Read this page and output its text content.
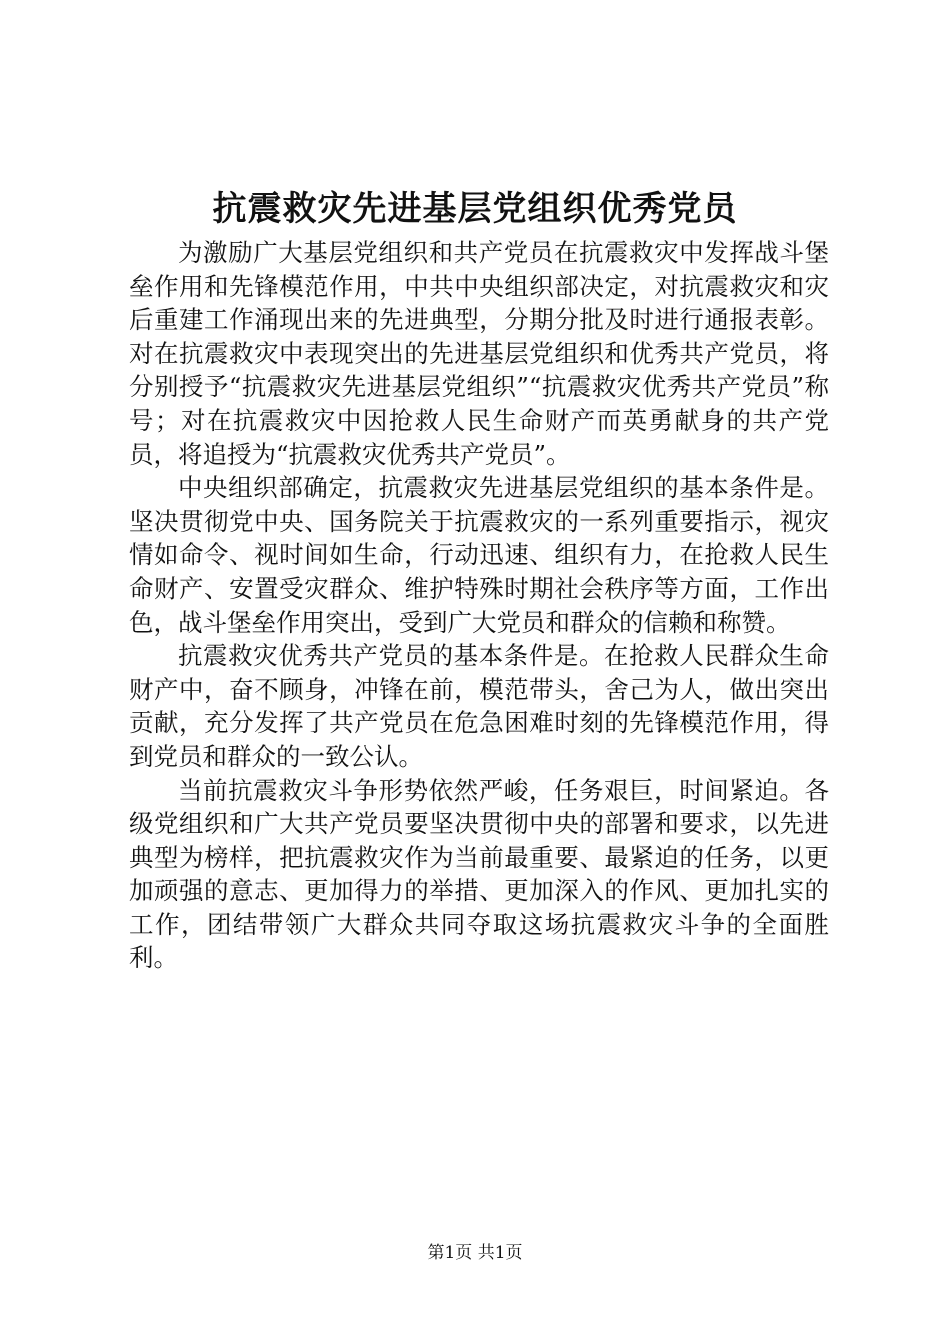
抗震救灾先进基层党组织优秀党员

为激励广大基层党组织和共产党员在抗震救灾中发挥战斗堡垒作用和先锋模范作用，中共中央组织部决定，对抗震救灾和灾后重建工作涌现出来的先进典型，分期分批及时进行通报表彰。对在抗震救灾中表现突出的先进基层党组织和优秀共产党员，将分别授予“抗震救灾先进基层党组织”“抗震救灾优秀共产党员”称号；对在抗震救灾中因抢救人民生命财产而英勇献身的共产党员，将追授为“抗震救灾优秀共产党员”。

中央组织部确定，抗震救灾先进基层党组织的基本条件是。坚决贯彻党中央、国务院关于抗震救灾的一系列重要指示，视灾情如命令、视时间如生命，行动迅速、组织有力，在抢救人民生命财产、安置受灾群众、维护特殊时期社会秩序等方面，工作出色，战斗堡垒作用突出，受到广大党员和群众的信赖和称赞。

抗震救灾优秀共产党员的基本条件是。在抢救人民群众生命财产中，奋不顾身，冲锋在前，模范带头，舍己为人，做出突出贡献，充分发挥了共产党员在危急困难时刻的先锋模范作用，得到党员和群众的一致公认。

当前抗震救灾斗争形势依然严峻，任务艰巨，时间紧迫。各级党组织和广大共产党员要坚决贯彻中央的部署和要求，以先进典型为榜样，把抗震救灾作为当前最重要、最紧迫的任务，以更加顽强的意志、更加得力的举措、更加深入的作风、更加扎实的工作，团结带领广大群众共同夺取这场抗震救灾斗争的全面胜利。

第1页 共1页
